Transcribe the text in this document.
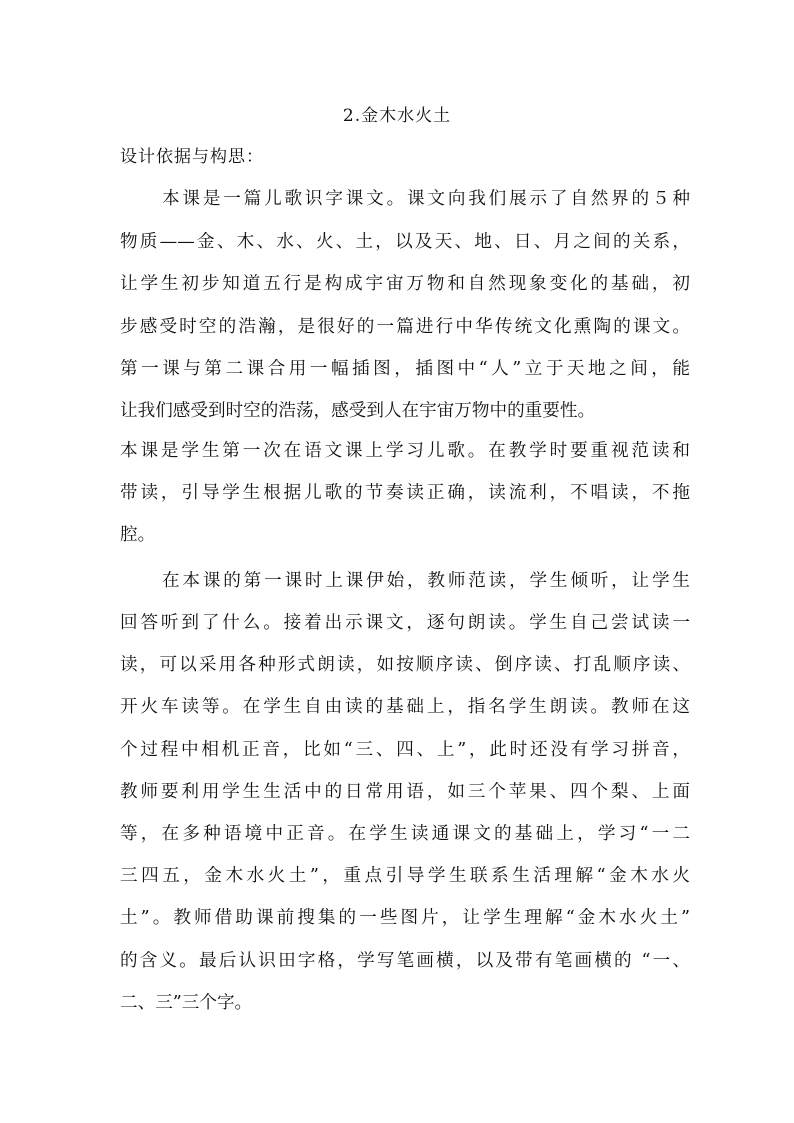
2.金木水火土
设计依据与构思：
本课是一篇儿歌识字课文。课文向我们展示了自然界的５种
物质——金、木、水、火、土，以及天、地、日、月之间的关系，
让学生初步知道五行是构成宇宙万物和自然现象变化的基础，初
步感受时空的浩瀚，是很好的一篇进行中华传统文化熏陶的课文。
第一课与第二课合用一幅插图，插图中“人”立于天地之间，能
让我们感受到时空的浩荡，感受到人在宇宙万物中的重要性。
本课是学生第一次在语文课上学习儿歌。在教学时要重视范读和
带读，引导学生根据儿歌的节奏读正确，读流利，不唱读，不拖
腔。
在本课的第一课时上课伊始，教师范读，学生倾听，让学生
回答听到了什么。接着出示课文，逐句朗读。学生自己尝试读一
读，可以采用各种形式朗读，如按顺序读、倒序读、打乱顺序读、
开火车读等。在学生自由读的基础上，指名学生朗读。教师在这
个过程中相机正音，比如“三、四、上”，此时还没有学习拼音，
教师要利用学生生活中的日常用语，如三个苹果、四个梨、上面
等，在多种语境中正音。在学生读通课文的基础上，学习“一二
三四五，金木水火土”，重点引导学生联系生活理解“金木水火
土”。教师借助课前搜集的一些图片，让学生理解“金木水火土”
的含义。最后认识田字格，学写笔画横，以及带有笔画横的 “一、
二、三”三个字。
